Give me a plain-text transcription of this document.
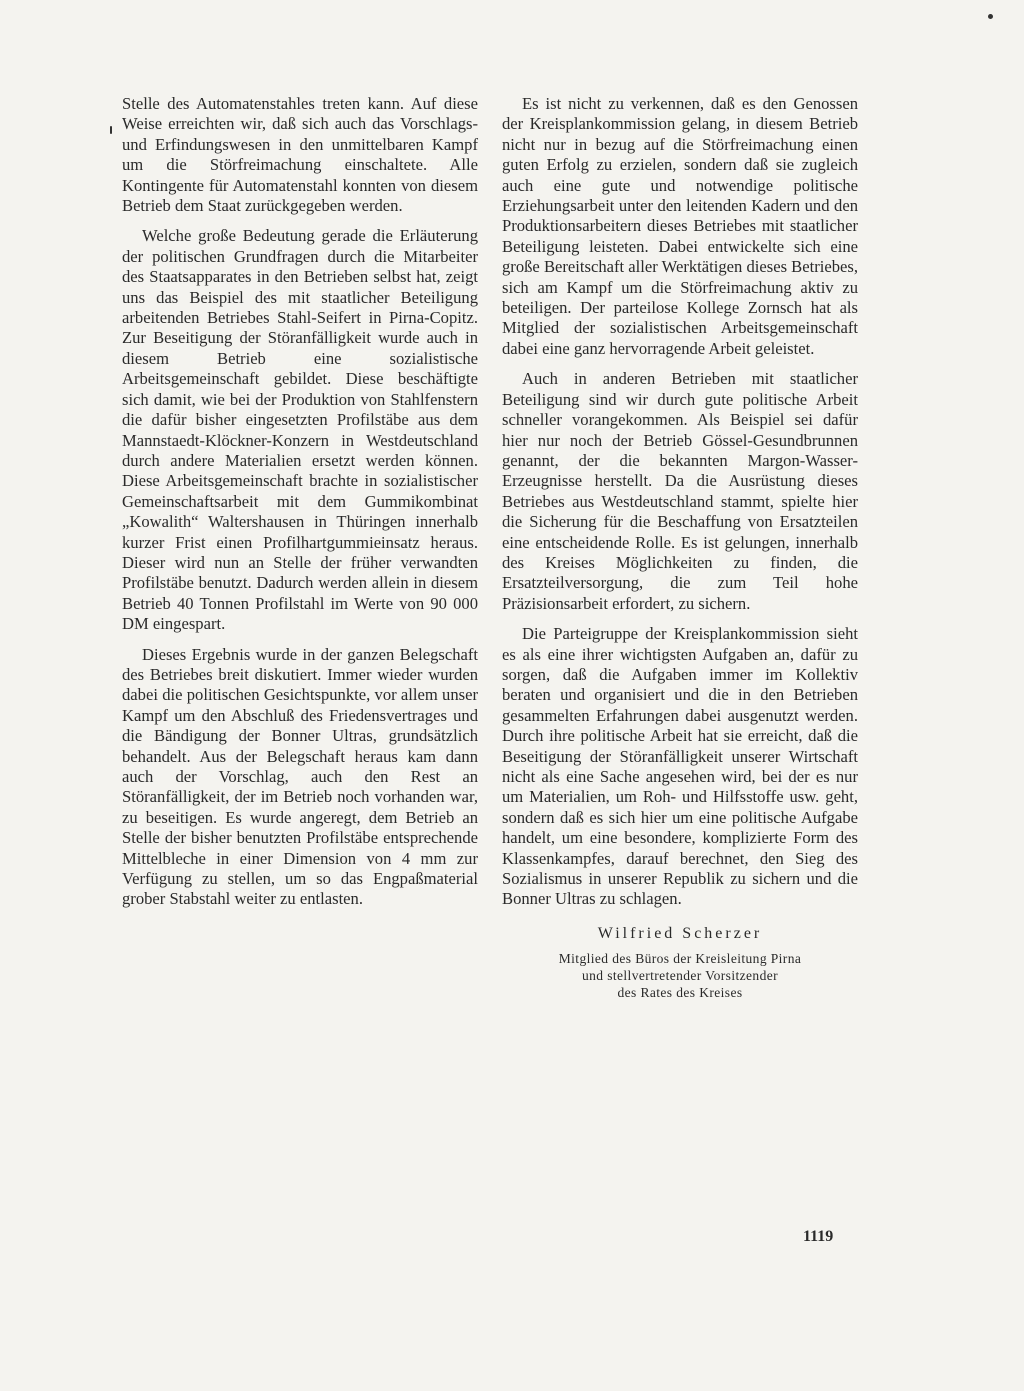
Stelle des Automatenstahles treten kann. Auf diese Weise erreichten wir, daß sich auch das Vorschlags- und Erfindungswesen in den unmittelbaren Kampf um die Störfreimachung einschaltete. Alle Kontingente für Automatenstahl konnten von diesem Betrieb dem Staat zurückgegeben werden.

Welche große Bedeutung gerade die Erläuterung der politischen Grundfragen durch die Mitarbeiter des Staatsapparates in den Betrieben selbst hat, zeigt uns das Beispiel des mit staatlicher Beteiligung arbeitenden Betriebes Stahl-Seifert in Pirna-Copitz. Zur Beseitigung der Störanfälligkeit wurde auch in diesem Betrieb eine sozialistische Arbeitsgemeinschaft gebildet. Diese beschäftigte sich damit, wie bei der Produktion von Stahlfenstern die dafür bisher eingesetzten Profilstäbe aus dem Mannstaedt-Klöckner-Konzern in Westdeutschland durch andere Materialien ersetzt werden können. Diese Arbeitsgemeinschaft brachte in sozialistischer Gemeinschaftsarbeit mit dem Gummikombinat „Kowalith“ Waltershausen in Thüringen innerhalb kurzer Frist einen Profilhartgummieinsatz heraus. Dieser wird nun an Stelle der früher verwandten Profilstäbe benutzt. Dadurch werden allein in diesem Betrieb 40 Tonnen Profilstahl im Werte von 90 000 DM eingespart.

Dieses Ergebnis wurde in der ganzen Belegschaft des Betriebes breit diskutiert. Immer wieder wurden dabei die politischen Gesichtspunkte, vor allem unser Kampf um den Abschluß des Friedensvertrages und die Bändigung der Bonner Ultras, grundsätzlich behandelt. Aus der Belegschaft heraus kam dann auch der Vorschlag, auch den Rest an Störanfälligkeit, der im Betrieb noch vorhanden war, zu beseitigen. Es wurde angeregt, dem Betrieb an Stelle der bisher benutzten Profilstäbe entsprechende Mittelbleche in einer Dimension von 4 mm zur Verfügung zu stellen, um so das Engpaßmaterial grober Stabstahl weiter zu entlasten.

Es ist nicht zu verkennen, daß es den Genossen der Kreisplankommission gelang, in diesem Betrieb nicht nur in bezug auf die Störfreimachung einen guten Erfolg zu erzielen, sondern daß sie zugleich auch eine gute und notwendige politische Erziehungsarbeit unter den leitenden Kadern und den Produktionsarbeitern dieses Betriebes mit staatlicher Beteiligung leisteten. Dabei entwickelte sich eine große Bereitschaft aller Werktätigen dieses Betriebes, sich am Kampf um die Störfreimachung aktiv zu beteiligen. Der parteilose Kollege Zornsch hat als Mitglied der sozialistischen Arbeitsgemeinschaft dabei eine ganz hervorragende Arbeit geleistet.

Auch in anderen Betrieben mit staatlicher Beteiligung sind wir durch gute politische Arbeit schneller vorangekommen. Als Beispiel sei dafür hier nur noch der Betrieb Gössel-Gesundbrunnen genannt, der die bekannten Margon-Wasser-Erzeugnisse herstellt. Da die Ausrüstung dieses Betriebes aus Westdeutschland stammt, spielte hier die Sicherung für die Beschaffung von Ersatzteilen eine entscheidende Rolle. Es ist gelungen, innerhalb des Kreises Möglichkeiten zu finden, die Ersatzteilversorgung, die zum Teil hohe Präzisionsarbeit erfordert, zu sichern.

Die Parteigruppe der Kreisplankommission sieht es als eine ihrer wichtigsten Aufgaben an, dafür zu sorgen, daß die Aufgaben immer im Kollektiv beraten und organisiert und die in den Betrieben gesammelten Erfahrungen dabei ausgenutzt werden. Durch ihre politische Arbeit hat sie erreicht, daß die Beseitigung der Störanfälligkeit unserer Wirtschaft nicht als eine Sache angesehen wird, bei der es nur um Materialien, um Roh- und Hilfsstoffe usw. geht, sondern daß es sich hier um eine politische Aufgabe handelt, um eine besondere, komplizierte Form des Klassenkampfes, darauf berechnet, den Sieg des Sozialismus in unserer Republik zu sichern und die Bonner Ultras zu schlagen.

Wilfried Scherzer
Mitglied des Büros der Kreisleitung Pirna
und stellvertretender Vorsitzender
des Rates des Kreises
1119
